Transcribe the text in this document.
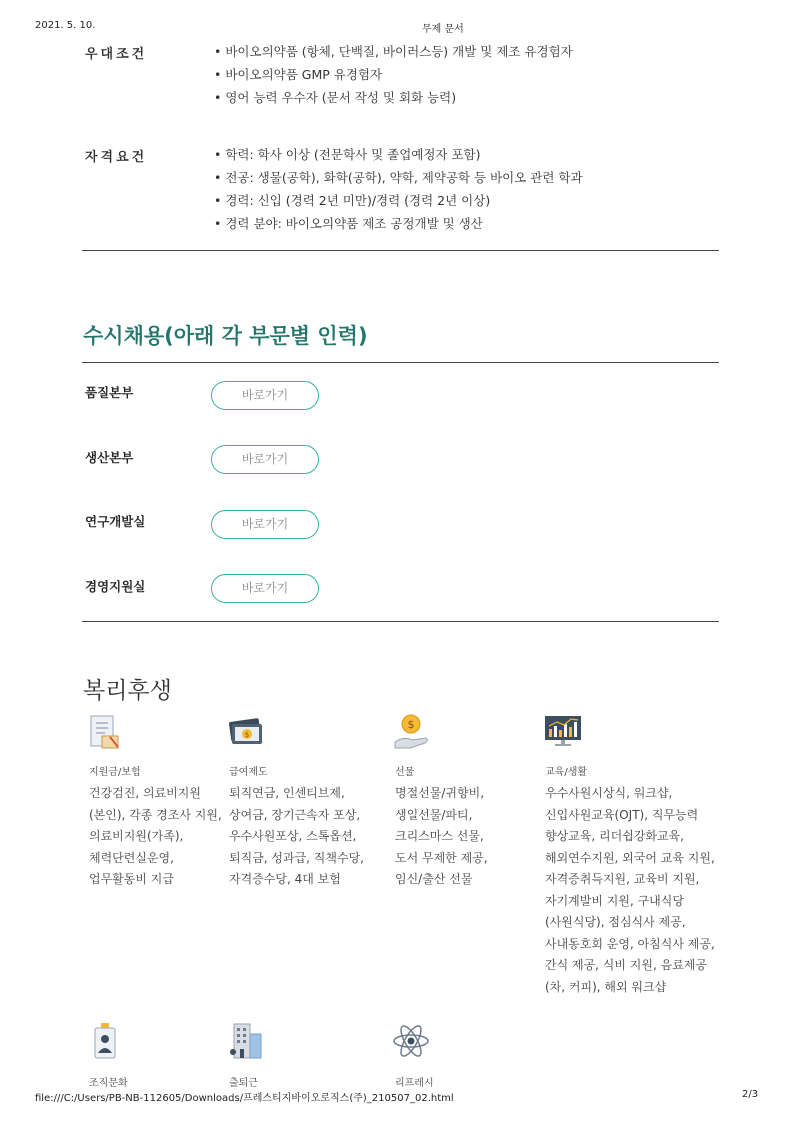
2021. 5. 10.	무제 문서
우대조건	• 바이오의약품 (항체, 단백질, 바이러스등) 개발 및 제조 유경험자
• 바이오의약품 GMP 유경험자
• 영어 능력 우수자 (문서 작성 및 회화 능력)
자격요건	• 학력: 학사 이상 (전문학사 및 졸업예정자 포함)
• 전공: 생물(공학), 화학(공학), 약학, 제약공학 등 바이오 관련 학과
• 경력: 신입 (경력 2년 미만)/경력 (경력 2년 이상)
• 경력 분야: 바이오의약품 제조 공정개발 및 생산
수시채용(아래 각 부문별 인력)
품질본부	바로가기
생산본부	바로가기
연구개발실	바로가기
경영지원실	바로가기
복리후생
$
$
지원금/보험	급여제도	선물	교육/생활
건강검진, 의료비지원
(본인), 각종 경조사 지원,
의료비지원(가족),
체력단련실운영,
업무활동비 지급
퇴직연금, 인센티브제,
상여금, 장기근속자 포상,
우수사원포상, 스톡옵션,
퇴직금, 성과급, 직책수당,
자격증수당, 4대 보험
명절선물/귀향비,
생일선물/파티,
크리스마스 선물,
도서 무제한 제공,
임신/출산 선물
우수사원시상식, 워크샵,
신입사원교육(OJT), 직무능력
향상교육, 리더쉽강화교육,
해외연수지원, 외국어 교육 지원,
자격증취득지원, 교육비 지원,
자기계발비 지원, 구내식당
(사원식당), 점심식사 제공,
사내동호회 운영, 아침식사 제공,
간식 제공, 식비 지원, 음료제공
(차, 커피), 해외 워크샵
조직문화	출퇴근	리프레시
file:///C:/Users/PB-NB-112605/Downloads/프레스티지바이오로직스(주)_210507_02.html	2/3
